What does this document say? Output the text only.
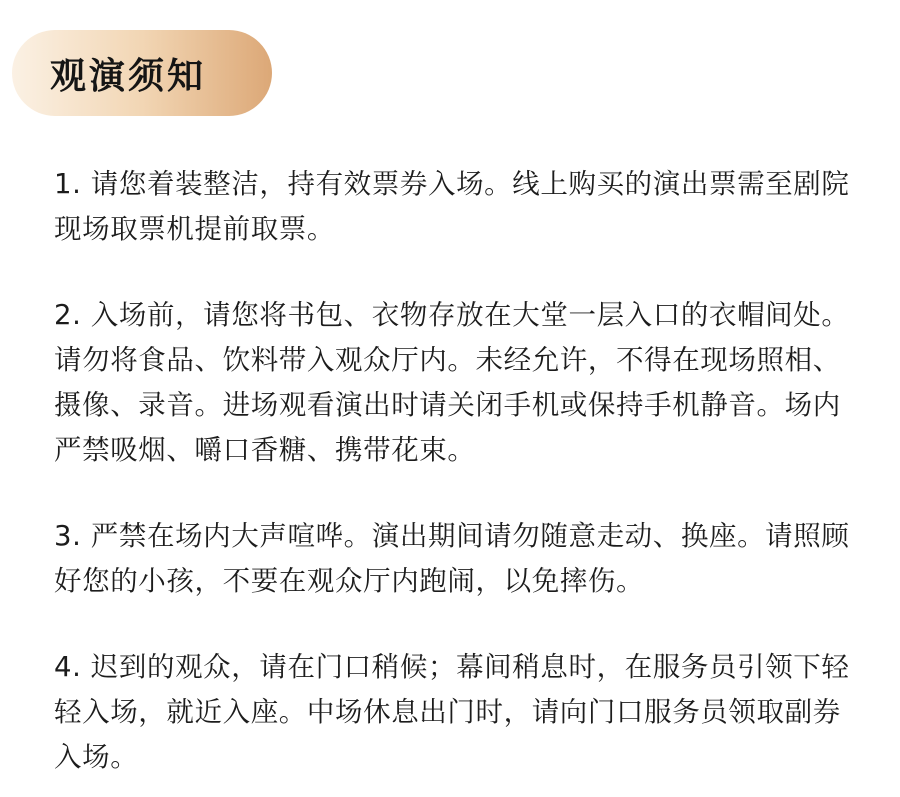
观演须知

1. 请您着装整洁，持有效票券入场。线上购买的演出票需至剧院现场取票机提前取票。

2. 入场前，请您将书包、衣物存放在大堂一层入口的衣帽间处。请勿将食品、饮料带入观众厅内。未经允许，不得在现场照相、摄像、录音。进场观看演出时请关闭手机或保持手机静音。场内严禁吸烟、嚼口香糖、携带花束。

3. 严禁在场内大声喧哗。演出期间请勿随意走动、换座。请照顾好您的小孩，不要在观众厅内跑闹，以免摔伤。

4. 迟到的观众，请在门口稍候；幕间稍息时，在服务员引领下轻轻入场，就近入座。中场休息出门时，请向门口服务员领取副券入场。
